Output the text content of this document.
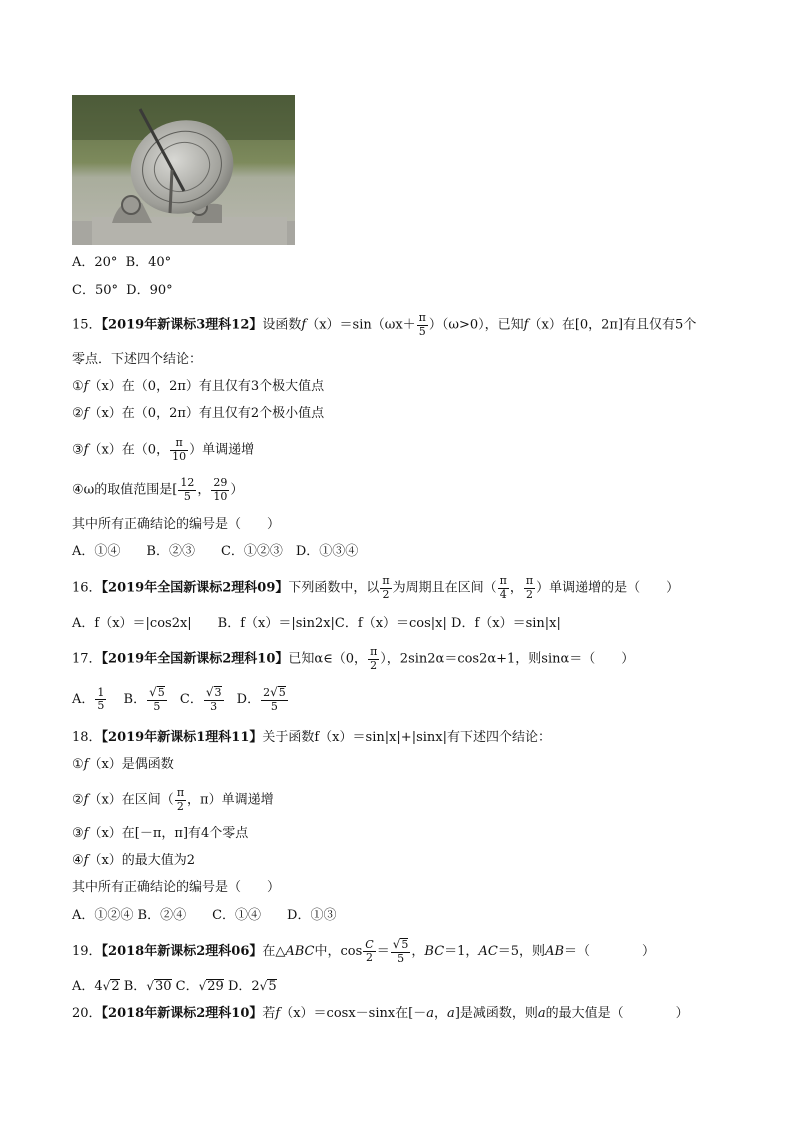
A．20° B．40°
C．50° D．90°
15．【2019年新课标3理科12】设函数$f(x)=\sin(\omega x+ \frac{\pi}{5} )(\omega>0)$，已知f（x）在[0，2π]有且仅有5个
零点．下述四个结论：
①f（x）在（0，2π）有且仅有3个极大值点
②f（x）在（0，2π）有且仅有2个极小值点
③f（x）在（0， $\frac{\pi}{10}$ ）单调递增
④ω的取值范围是[ $\frac{12}{5}$ ， $\frac{29}{10}$ ）
其中所有正确结论的编号是（　　）
A．①④　　B．②③　　C．①②③　D．①③④
16．【2019年全国新课标2理科09】下列函数中，以 $\frac{\pi}{2}$ 为周期且在区间（ $\frac{\pi}{4}$ ， $\frac{\pi}{2}$ ）单调递增的是（　　）
A．f（x）＝|cos2x|　　B．f（x）＝|sin2x|C．f（x）＝cos|x| D．f（x）＝sin|x|
17．【2019年全国新课标2理科10】已知α∈（0， $\frac{\pi}{2}$ ），2sin2α＝cos2α+1，则sinα＝（　　）
A． $\frac{1}{5}$ B． $\frac{√5}{5}$ C． $\frac{√3}{3}$ D． $\frac{2√5}{5}$
18．【2019年新课标1理科11】关于函数f（x）＝sin|x|+|sinx|有下述四个结论：
①f（x）是偶函数
②f（x）在区间（ $\frac{\pi}{2}$ ，π）单调递增
③f（x）在[－π，π]有4个零点
④f（x）的最大值为2
其中所有正确结论的编号是（　　）
A．①②④ B．②④　　C．①④　　D．①③
19．【2018年新课标2理科06】在△ABC中，$\cos \frac{C}{2} = \frac{√5}{5}$ ，BC＝1，AC＝5，则AB＝（　　　　）
A．4√2 B．√30 C．√29 D．2√5
20．【2018年新课标2理科10】若f（x）＝cosx－sinx在[－a，a]是减函数，则a的最大值是（　　　　）
